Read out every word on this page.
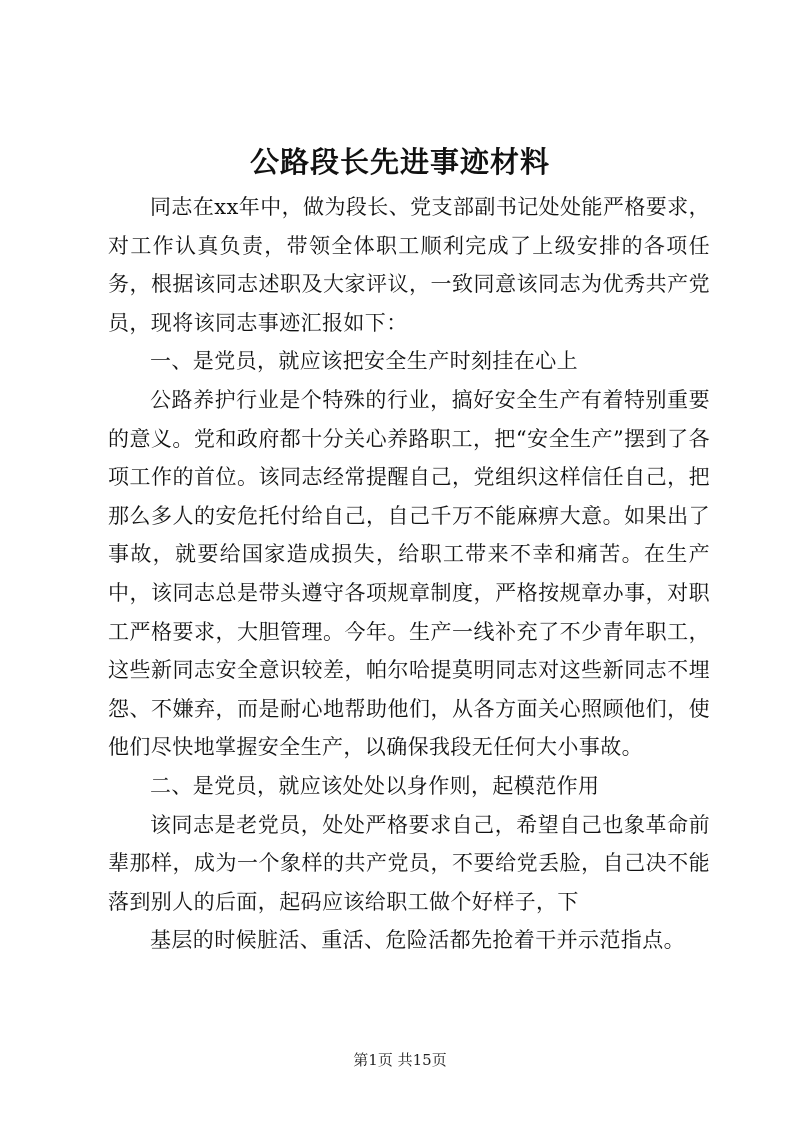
公路段长先进事迹材料

同志在xx年中，做为段长、党支部副书记处处能严格要求，对工作认真负责，带领全体职工顺利完成了上级安排的各项任务，根据该同志述职及大家评议，一致同意该同志为优秀共产党员，现将该同志事迹汇报如下：

一、是党员，就应该把安全生产时刻挂在心上

公路养护行业是个特殊的行业，搞好安全生产有着特别重要的意义。党和政府都十分关心养路职工，把“安全生产”摆到了各项工作的首位。该同志经常提醒自己，党组织这样信任自己，把那么多人的安危托付给自己，自己千万不能麻痹大意。如果出了事故，就要给国家造成损失，给职工带来不幸和痛苦。在生产中，该同志总是带头遵守各项规章制度，严格按规章办事，对职工严格要求，大胆管理。今年。生产一线补充了不少青年职工，这些新同志安全意识较差，帕尔哈提莫明同志对这些新同志不埋怨、不嫌弃，而是耐心地帮助他们，从各方面关心照顾他们，使他们尽快地掌握安全生产，以确保我段无任何大小事故。

二、是党员，就应该处处以身作则，起模范作用

该同志是老党员，处处严格要求自己，希望自己也象革命前辈那样，成为一个象样的共产党员，不要给党丢脸，自己决不能落到别人的后面，起码应该给职工做个好样子，下

基层的时候脏活、重活、危险活都先抢着干并示范指点。

第1页 共15页
